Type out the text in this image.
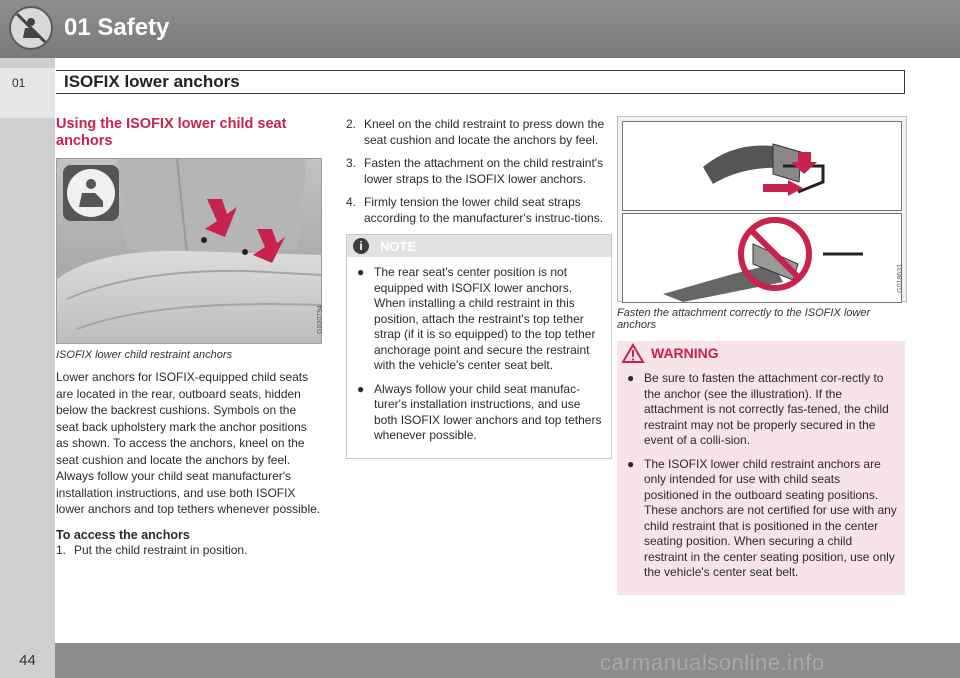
01 Safety
01 ISOFIX lower anchors
Using the ISOFIX lower child seat anchors
G020794
ISOFIX lower child restraint anchors
Lower anchors for ISOFIX-equipped child seats are located in the rear, outboard seats, hidden below the backrest cushions. Symbols on the seat back upholstery mark the anchor positions as shown. To access the anchors, kneel on the seat cushion and locate the anchors by feel. Always follow your child seat manufacturer's installation instructions, and use both ISOFIX lower anchors and top tethers whenever possible.
To access the anchors
1. Put the child restraint in position.
2. Kneel on the child restraint to press down the seat cushion and locate the anchors by feel.
3. Fasten the attachment on the child restraint's lower straps to the ISOFIX lower anchors.
4. Firmly tension the lower child seat straps according to the manufacturer's instruc-tions.
i	NOTE
● The rear seat's center position is not equipped with ISOFIX lower anchors. When installing a child restraint in this position, attach the restraint's top tether strap (if it is so equipped) to the top tether anchorage point and secure the restraint with the vehicle's center seat belt.
● Always follow your child seat manufac-turer's installation instructions, and use both ISOFIX lower anchors and top tethers whenever possible.
G018631
Fasten the attachment correctly to the ISOFIX lower anchors
WARNING
● Be sure to fasten the attachment cor-rectly to the anchor (see the illustration). If the attachment is not correctly fas-tened, the child restraint may not be properly secured in the event of a colli-sion.
● The ISOFIX lower child restraint anchors are only intended for use with child seats positioned in the outboard seating positions. These anchors are not certified for use with any child restraint that is positioned in the center seating position. When securing a child restraint in the center seating position, use only the vehicle's center seat belt.
44	carmanualsonline.info
